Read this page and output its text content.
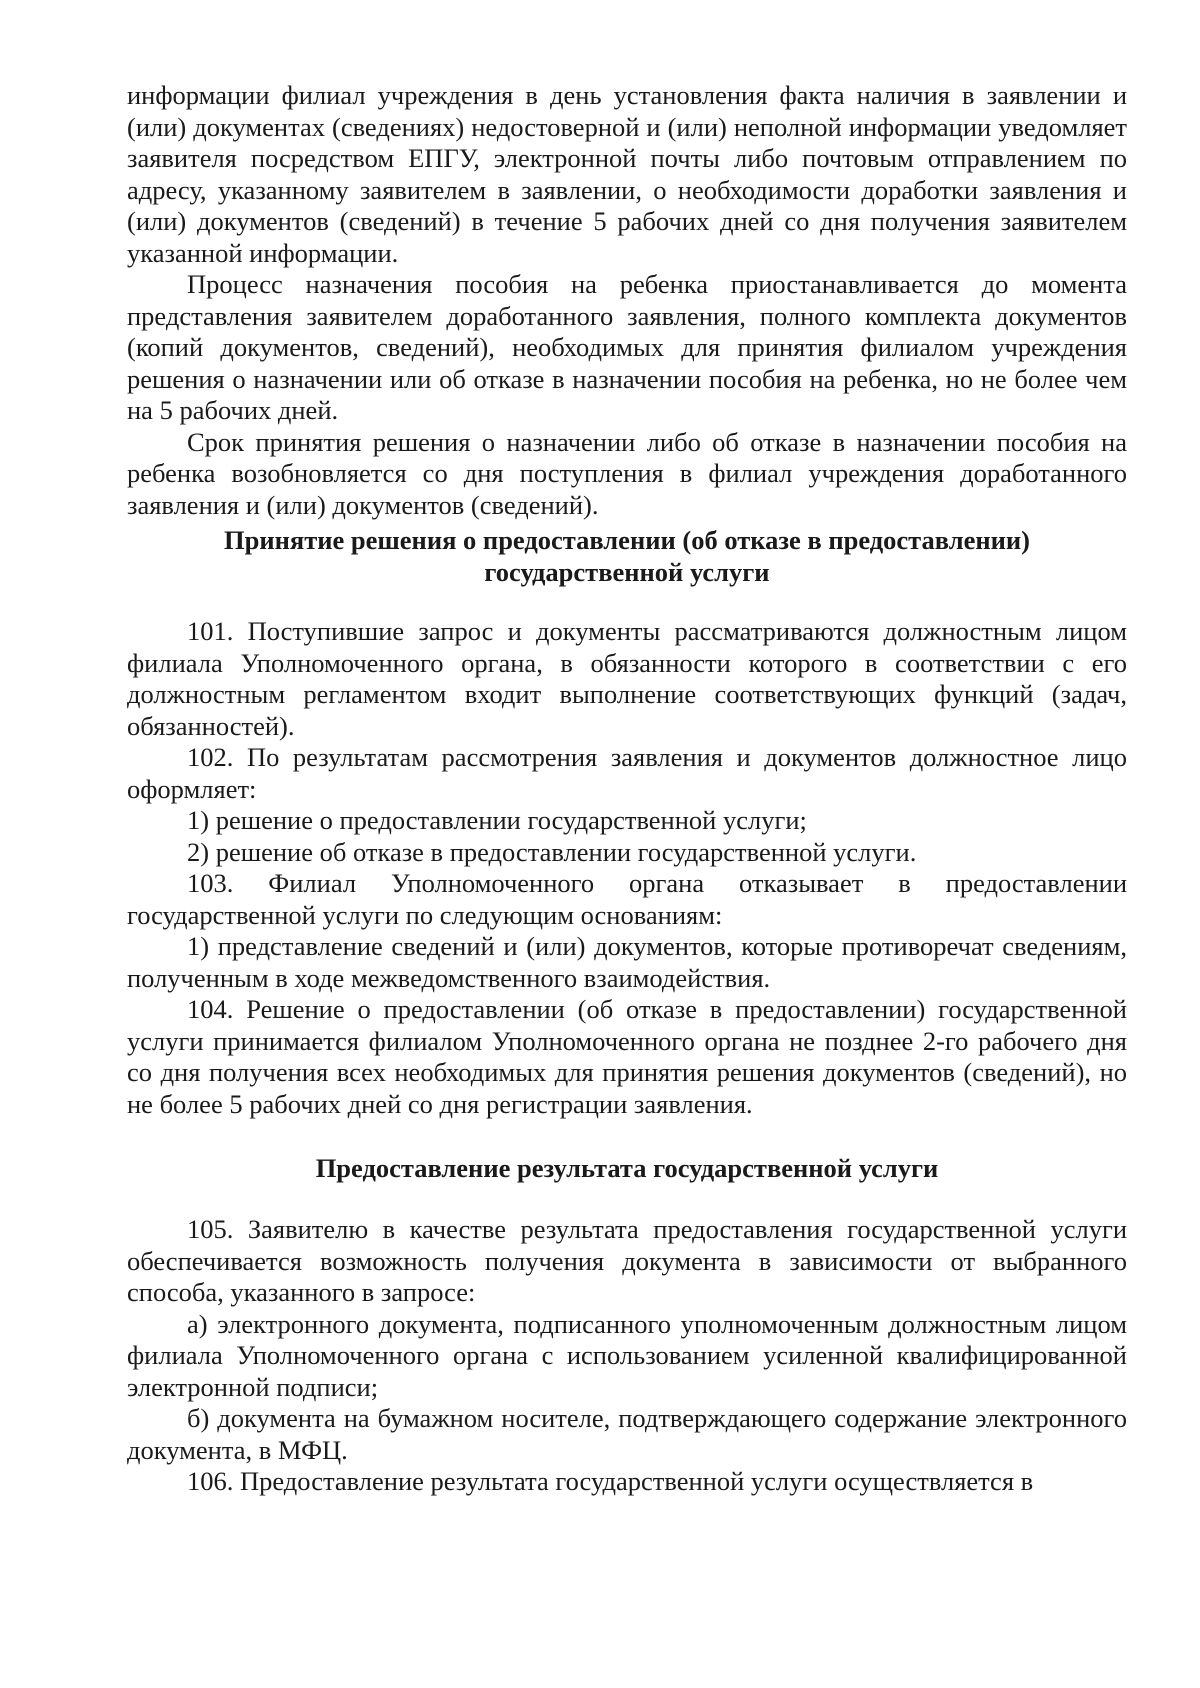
информации филиал учреждения в день установления факта наличия в заявлении и (или) документах (сведениях) недостоверной и (или) неполной информации уведомляет заявителя посредством ЕПГУ, электронной почты либо почтовым отправлением по адресу, указанному заявителем в заявлении, о необходимости доработки заявления и (или) документов (сведений) в течение 5 рабочих дней со дня получения заявителем указанной информации.

Процесс назначения пособия на ребенка приостанавливается до момента представления заявителем доработанного заявления, полного комплекта документов (копий документов, сведений), необходимых для принятия филиалом учреждения решения о назначении или об отказе в назначении пособия на ребенка, но не более чем на 5 рабочих дней.

Срок принятия решения о назначении либо об отказе в назначении пособия на ребенка возобновляется со дня поступления в филиал учреждения доработанного заявления и (или) документов (сведений).

Принятие решения о предоставлении (об отказе в предоставлении)
государственной услуги

101. Поступившие запрос и документы рассматриваются должностным лицом филиала Уполномоченного органа, в обязанности которого в соответствии с его должностным регламентом входит выполнение соответствующих функций (задач, обязанностей).

102. По результатам рассмотрения заявления и документов должностное лицо оформляет:

1) решение о предоставлении государственной услуги;

2) решение об отказе в предоставлении государственной услуги.

103. Филиал Уполномоченного органа отказывает в предоставлении государственной услуги по следующим основаниям:

1) представление сведений и (или) документов, которые противоречат сведениям, полученным в ходе межведомственного взаимодействия.

104. Решение о предоставлении (об отказе в предоставлении) государственной услуги принимается филиалом Уполномоченного органа не позднее 2-го рабочего дня со дня получения всех необходимых для принятия решения документов (сведений), но не более 5 рабочих дней со дня регистрации заявления.

Предоставление результата государственной услуги

105. Заявителю в качестве результата предоставления государственной услуги обеспечивается возможность получения документа в зависимости от выбранного способа, указанного в запросе:

а) электронного документа, подписанного уполномоченным должностным лицом филиала Уполномоченного органа с использованием усиленной квалифицированной электронной подписи;

б) документа на бумажном носителе, подтверждающего содержание электронного документа, в МФЦ.

106. Предоставление результата государственной услуги осуществляется в
